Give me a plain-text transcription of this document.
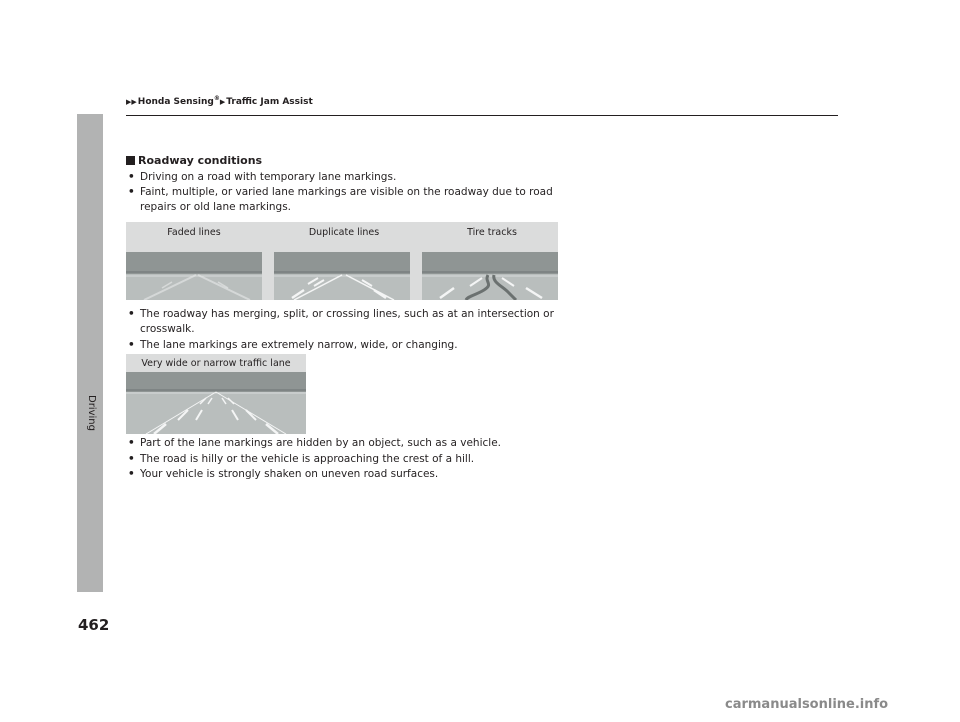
▶▶Honda Sensing®▶Traffic Jam Assist
Driving
462
Roadway conditions
• Driving on a road with temporary lane markings.
• Faint, multiple, or varied lane markings are visible on the roadway due to road repairs or old lane markings.
Faded lines	Duplicate lines	Tire tracks
• The roadway has merging, split, or crossing lines, such as at an intersection or crosswalk.
• The lane markings are extremely narrow, wide, or changing.
Very wide or narrow traffic lane
• Part of the lane markings are hidden by an object, such as a vehicle.
• The road is hilly or the vehicle is approaching the crest of a hill.
• Your vehicle is strongly shaken on uneven road surfaces.
carmanualsonline.info
